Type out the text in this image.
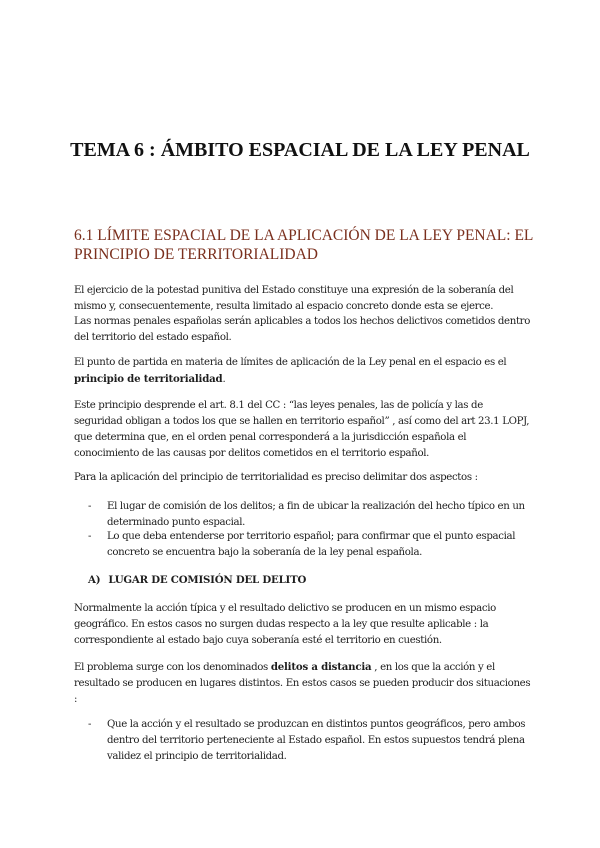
TEMA 6 : ÁMBITO ESPACIAL DE LA LEY PENAL
6.1 LÍMITE ESPACIAL DE LA APLICACIÓN DE LA LEY PENAL: EL PRINCIPIO DE TERRITORIALIDAD

El ejercicio de la potestad punitiva del Estado constituye una expresión de la soberanía del mismo y, consecuentemente, resulta limitado al espacio concreto donde esta se ejerce.

Las normas penales españolas serán aplicables a todos los hechos delictivos cometidos dentro del territorio del estado español.

El punto de partida en materia de límites de aplicación de la Ley penal en el espacio es el principio de territorialidad.

Este principio desprende el art. 8.1 del CC : “las leyes penales, las de policía y las de seguridad obligan a todos los que se hallen en territorio español” , así como del art 23.1 LOPJ, que determina que, en el orden penal corresponderá a la jurisdicción española el conocimiento de las causas por delitos cometidos en el territorio español.

Para la aplicación del principio de territorialidad es preciso delimitar dos aspectos :

- El lugar de comisión de los delitos; a fin de ubicar la realización del hecho típico en un determinado punto espacial.
- Lo que deba entenderse por territorio español; para confirmar que el punto espacial concreto se encuentra bajo la soberanía de la ley penal española.
A) LUGAR DE COMISIÓN DEL DELITO

Normalmente la acción típica y el resultado delictivo se producen en un mismo espacio geográfico. En estos casos no surgen dudas respecto a la ley que resulte aplicable : la correspondiente al estado bajo cuya soberanía esté el territorio en cuestión.

El problema surge con los denominados delitos a distancia , en los que la acción y el resultado se producen en lugares distintos. En estos casos se pueden producir dos situaciones :

- Que la acción y el resultado se produzcan en distintos puntos geográficos, pero ambos dentro del territorio perteneciente al Estado español. En estos supuestos tendrá plena validez el principio de territorialidad.
